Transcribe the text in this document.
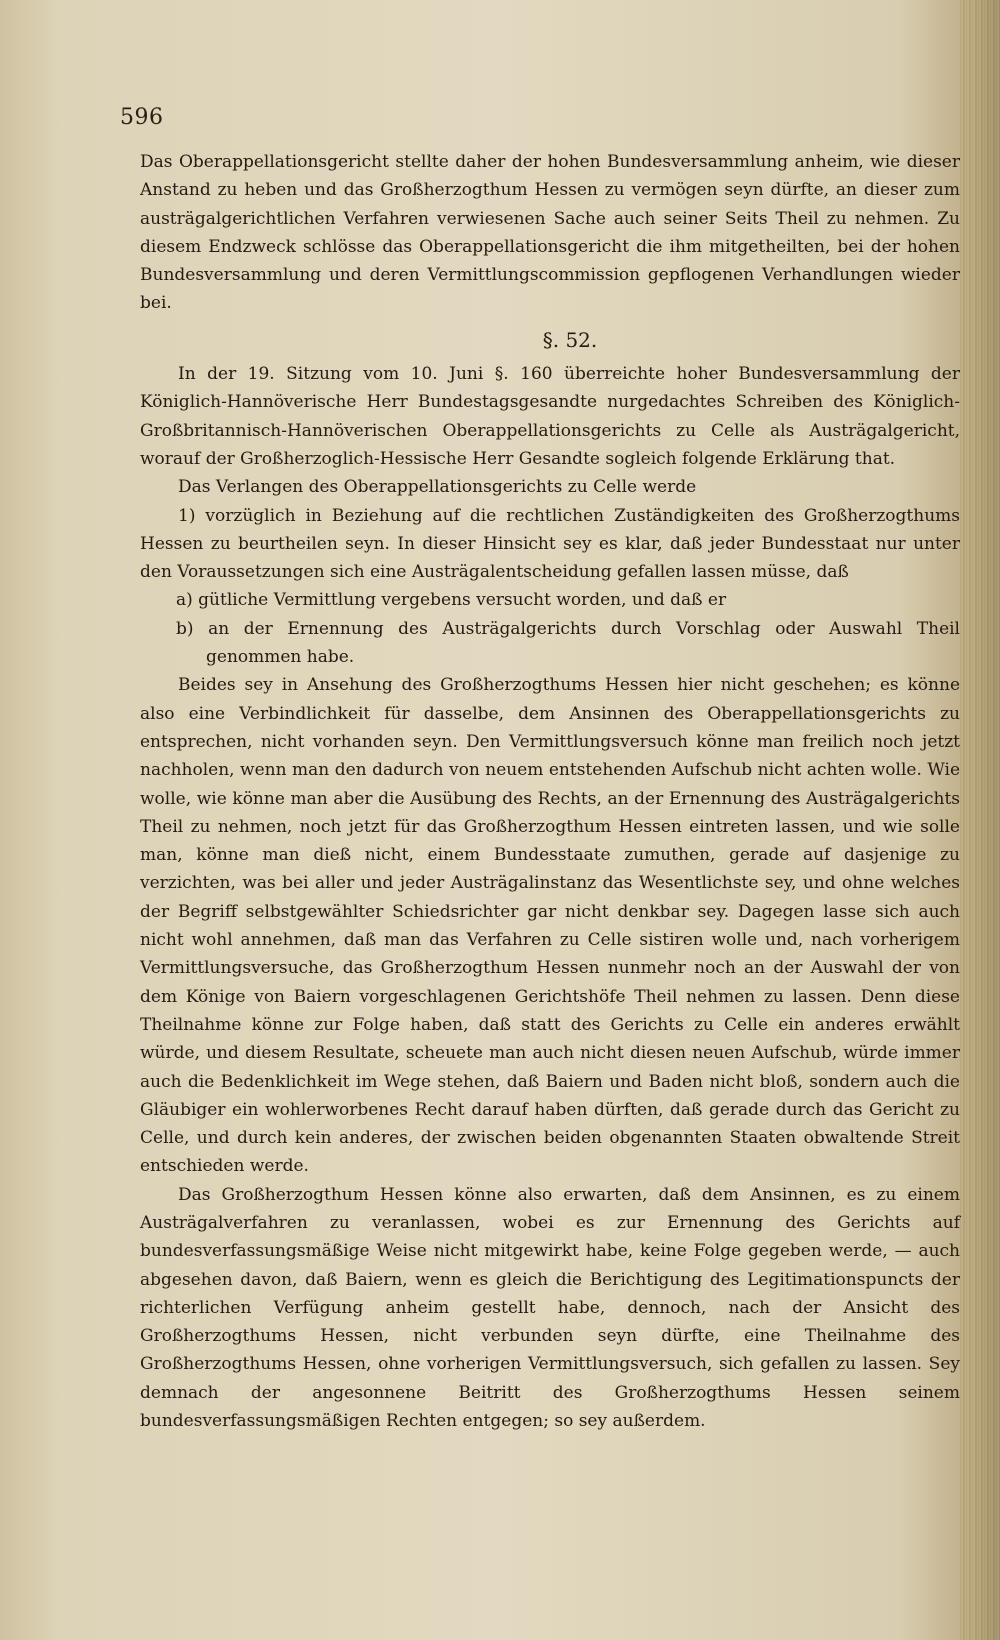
596

Das Oberappellationsgericht stellte daher der hohen Bundesversammlung anheim, wie dieser Anstand zu heben und das Großherzogthum Hessen zu vermögen seyn dürfte, an dieser zum austrägalgerichtlichen Verfahren verwiesenen Sache auch seiner Seits Theil zu nehmen. Zu diesem Endzweck schlösse das Oberappellationsgericht die ihm mitgetheilten, bei der hohen Bundesversammlung und deren Vermittlungscommission gepflogenen Verhandlungen wieder bei.

§. 52.

In der 19. Sitzung vom 10. Juni §. 160 überreichte hoher Bundesversammlung der Königlich-Hannöverische Herr Bundestagsgesandte nurgedachtes Schreiben des Königlich-Großbritannisch-Hannöverischen Oberappellationsgerichts zu Celle als Austrägalgericht, worauf der Großherzoglich-Hessische Herr Gesandte sogleich folgende Erklärung that.

Das Verlangen des Oberappellationsgerichts zu Celle werde

1) vorzüglich in Beziehung auf die rechtlichen Zuständigkeiten des Großherzogthums Hessen zu beurtheilen seyn. In dieser Hinsicht sey es klar, daß jeder Bundesstaat nur unter den Voraussetzungen sich eine Austrägalentscheidung gefallen lassen müsse, daß

a) gütliche Vermittlung vergebens versucht worden, und daß er

b) an der Ernennung des Austrägalgerichts durch Vorschlag oder Auswahl Theil genommen habe.

Beides sey in Ansehung des Großherzogthums Hessen hier nicht geschehen; es könne also eine Verbindlichkeit für dasselbe, dem Ansinnen des Oberappellationsgerichts zu entsprechen, nicht vorhanden seyn. Den Vermittlungsversuch könne man freilich noch jetzt nachholen, wenn man den dadurch von neuem entstehenden Aufschub nicht achten wolle. Wie wolle, wie könne man aber die Ausübung des Rechts, an der Ernennung des Austrägalgerichts Theil zu nehmen, noch jetzt für das Großherzogthum Hessen eintreten lassen, und wie solle man, könne man dieß nicht, einem Bundesstaate zumuthen, gerade auf dasjenige zu verzichten, was bei aller und jeder Austrägalinstanz das Wesentlichste sey, und ohne welches der Begriff selbstgewählter Schiedsrichter gar nicht denkbar sey. Dagegen lasse sich auch nicht wohl annehmen, daß man das Verfahren zu Celle sistiren wolle und, nach vorherigem Vermittlungsversuche, das Großherzogthum Hessen nunmehr noch an der Auswahl der von dem Könige von Baiern vorgeschlagenen Gerichtshöfe Theil nehmen zu lassen. Denn diese Theilnahme könne zur Folge haben, daß statt des Gerichts zu Celle ein anderes erwählt würde, und diesem Resultate, scheuete man auch nicht diesen neuen Aufschub, würde immer auch die Bedenklichkeit im Wege stehen, daß Baiern und Baden nicht bloß, sondern auch die Gläubiger ein wohlerworbenes Recht darauf haben dürften, daß gerade durch das Gericht zu Celle, und durch kein anderes, der zwischen beiden obgenannten Staaten obwaltende Streit entschieden werde.

Das Großherzogthum Hessen könne also erwarten, daß dem Ansinnen, es zu einem Austrägalverfahren zu veranlassen, wobei es zur Ernennung des Gerichts auf bundesverfassungsmäßige Weise nicht mitgewirkt habe, keine Folge gegeben werde, — auch abgesehen davon, daß Baiern, wenn es gleich die Berichtigung des Legitimationspuncts der richterlichen Verfügung anheim gestellt habe, dennoch, nach der Ansicht des Großherzogthums Hessen, nicht verbunden seyn dürfte, eine Theilnahme des Großherzogthums Hessen, ohne vorherigen Vermittlungsversuch, sich gefallen zu lassen. Sey demnach der angesonnene Beitritt des Großherzogthums Hessen seinem bundesverfassungsmäßigen Rechten entgegen; so sey außerdem.
